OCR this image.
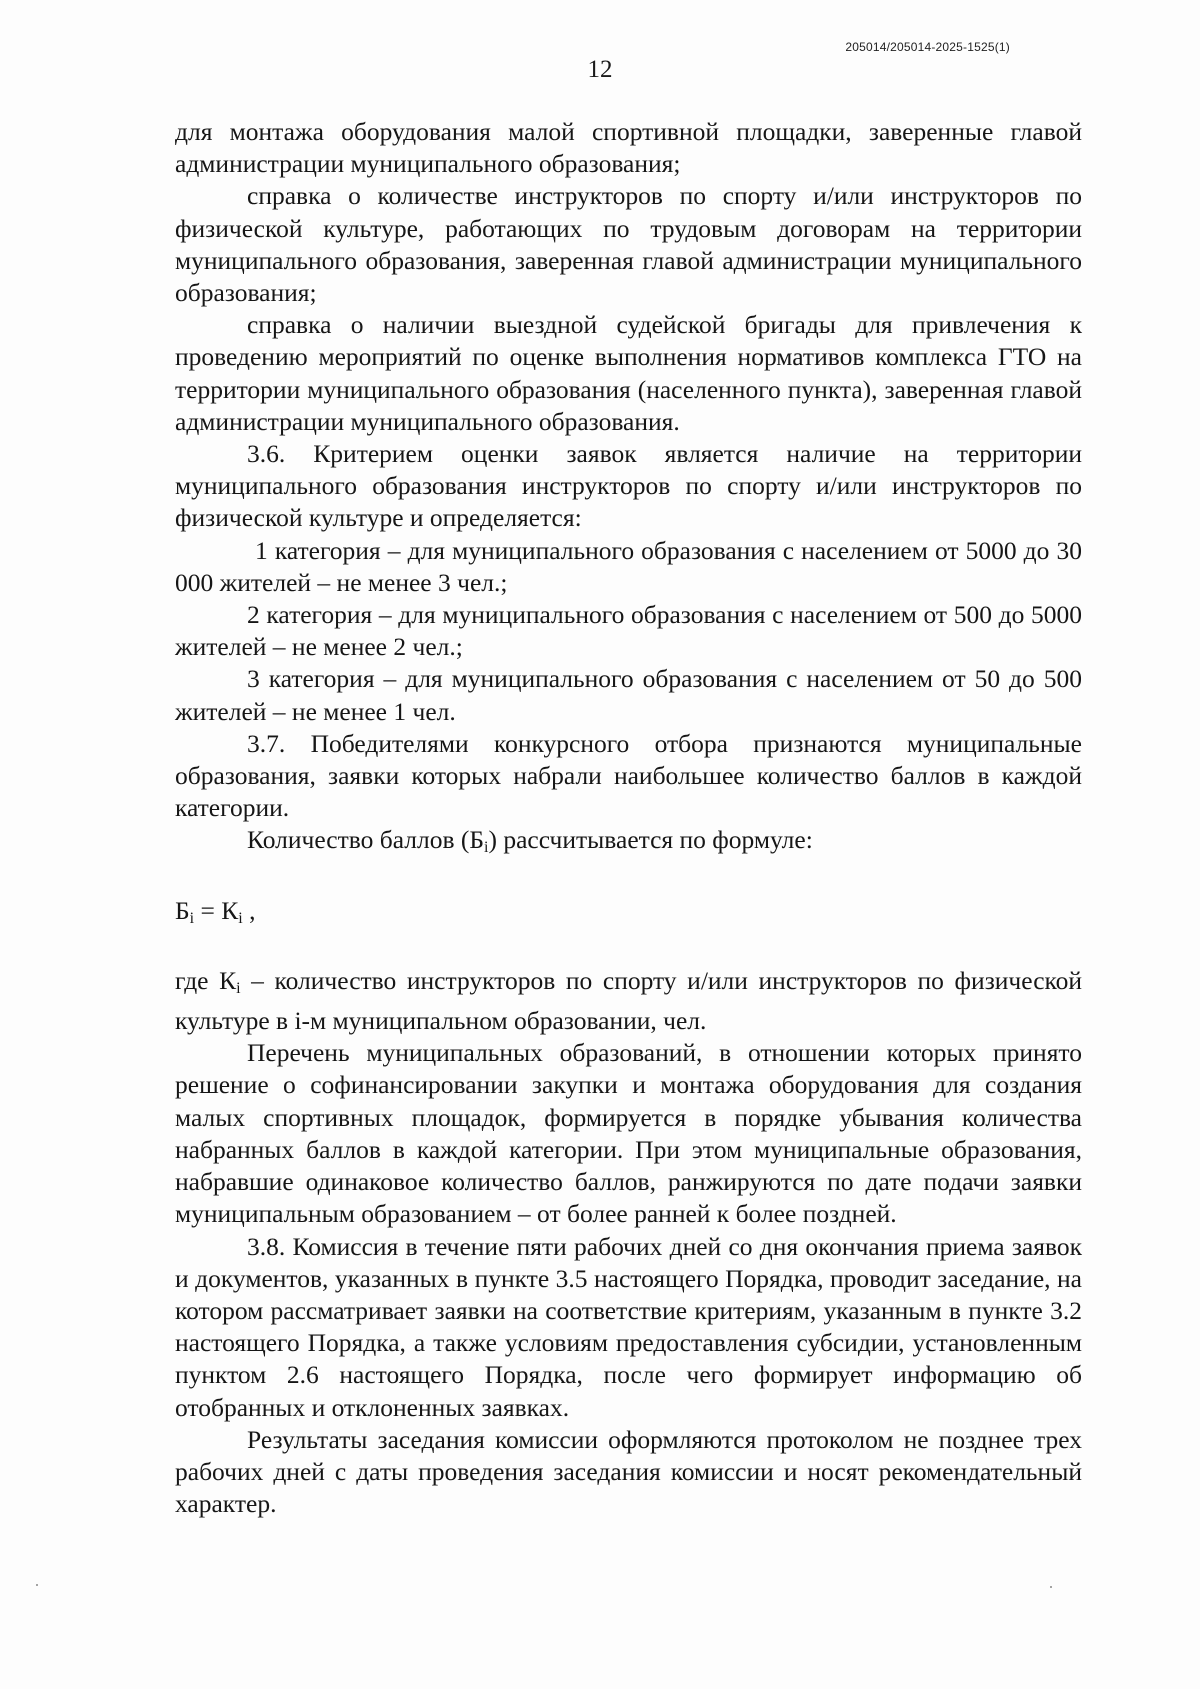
205014/205014-2025-1525(1)
12

для монтажа оборудования малой спортивной площадки, заверенные главой администрации муниципального образования;

справка о количестве инструкторов по спорту и/или инструкторов по физической культуре, работающих по трудовым договорам на территории муниципального образования, заверенная главой администрации муниципального образования;

справка о наличии выездной судейской бригады для привлечения к проведению мероприятий по оценке выполнения нормативов комплекса ГТО на территории муниципального образования (населенного пункта), заверенная главой администрации муниципального образования.

3.6. Критерием оценки заявок является наличие на территории муниципального образования инструкторов по спорту и/или инструкторов по физической культуре и определяется:

1 категория – для муниципального образования с населением от 5000 до 30 000 жителей – не менее 3 чел.;

2 категория – для муниципального образования с населением от 500 до 5000 жителей – не менее 2 чел.;

3 категория – для муниципального образования с населением от 50 до 500 жителей – не менее 1 чел.

3.7. Победителями конкурсного отбора признаются муниципальные образования, заявки которых набрали наибольшее количество баллов в каждой категории.

Количество баллов $(Б_i)$ рассчитывается по формуле:

$Б_i = К_i$ ,

где $К_i$ – количество инструкторов по спорту и/или инструкторов по физической культуре в i-м муниципальном образовании, чел.

Перечень муниципальных образований, в отношении которых принято решение о софинансировании закупки и монтажа оборудования для создания малых спортивных площадок, формируется в порядке убывания количества набранных баллов в каждой категории. При этом муниципальные образования, набравшие одинаковое количество баллов, ранжируются по дате подачи заявки муниципальным образованием – от более ранней к более поздней.

3.8. Комиссия в течение пяти рабочих дней со дня окончания приема заявок и документов, указанных в пункте 3.5 настоящего Порядка, проводит заседание, на котором рассматривает заявки на соответствие критериям, указанным в пункте 3.2 настоящего Порядка, а также условиям предоставления субсидии, установленным пунктом 2.6 настоящего Порядка, после чего формирует информацию об отобранных и отклоненных заявках.

Результаты заседания комиссии оформляются протоколом не позднее трех рабочих дней с даты проведения заседания комиссии и носят рекомендательный характер.
